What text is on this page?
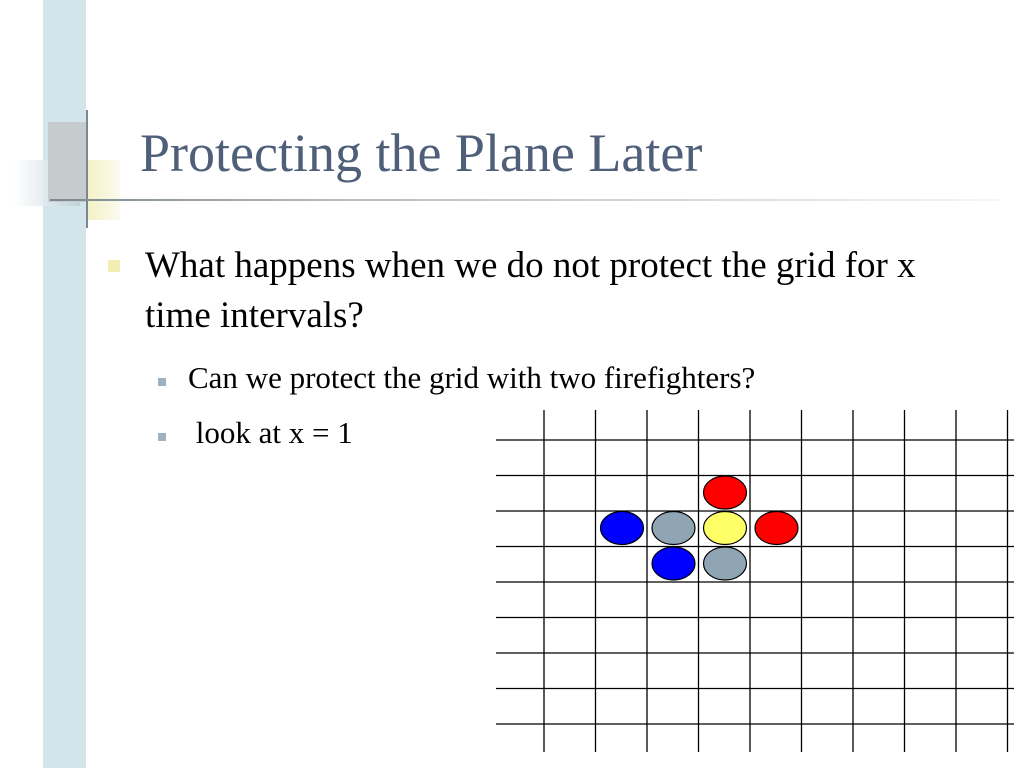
Protecting the Plane Later

What happens when we do not protect the grid for x time intervals?

Can we protect the grid with two firefighters?
look at x = 1
